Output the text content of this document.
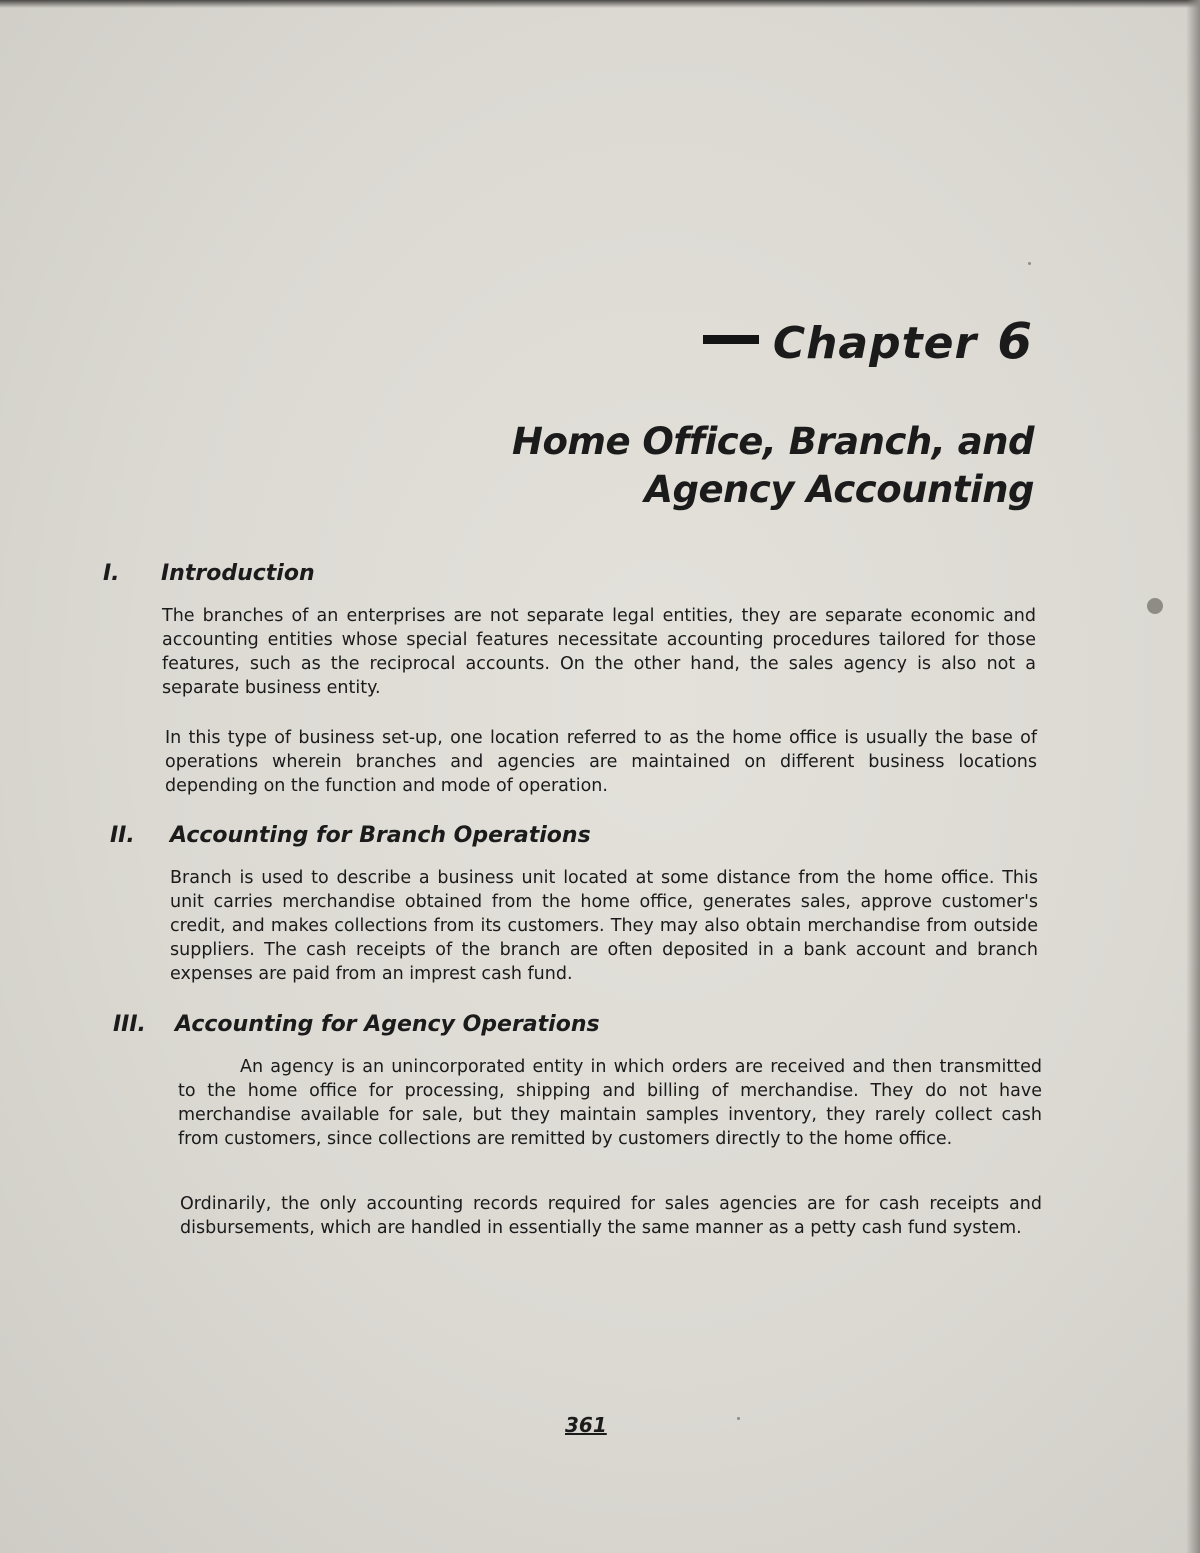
Chapter 6
Home Office, Branch, and
Agency Accounting
I.	Introduction

The branches of an enterprises are not separate legal entities, they are separate economic and accounting entities whose special features necessitate accounting procedures tailored for those features, such as the reciprocal accounts. On the other hand, the sales agency is also not a separate business entity.

In this type of business set-up, one location referred to as the home office is usually the base of operations wherein branches and agencies are maintained on different business locations depending on the function and mode of operation.

II.	Accounting for Branch Operations

Branch is used to describe a business unit located at some distance from the home office. This unit carries merchandise obtained from the home office, generates sales, approve customer's credit, and makes collections from its customers. They may also obtain merchandise from outside suppliers. The cash receipts of the branch are often deposited in a bank account and branch expenses are paid from an imprest cash fund.

III.	Accounting for Agency Operations

An agency is an unincorporated entity in which orders are received and then transmitted to the home office for processing, shipping and billing of merchandise. They do not have merchandise available for sale, but they maintain samples inventory, they rarely collect cash from customers, since collections are remitted by customers directly to the home office.

Ordinarily, the only accounting records required for sales agencies are for cash receipts and disbursements, which are handled in essentially the same manner as a petty cash fund system.

361
